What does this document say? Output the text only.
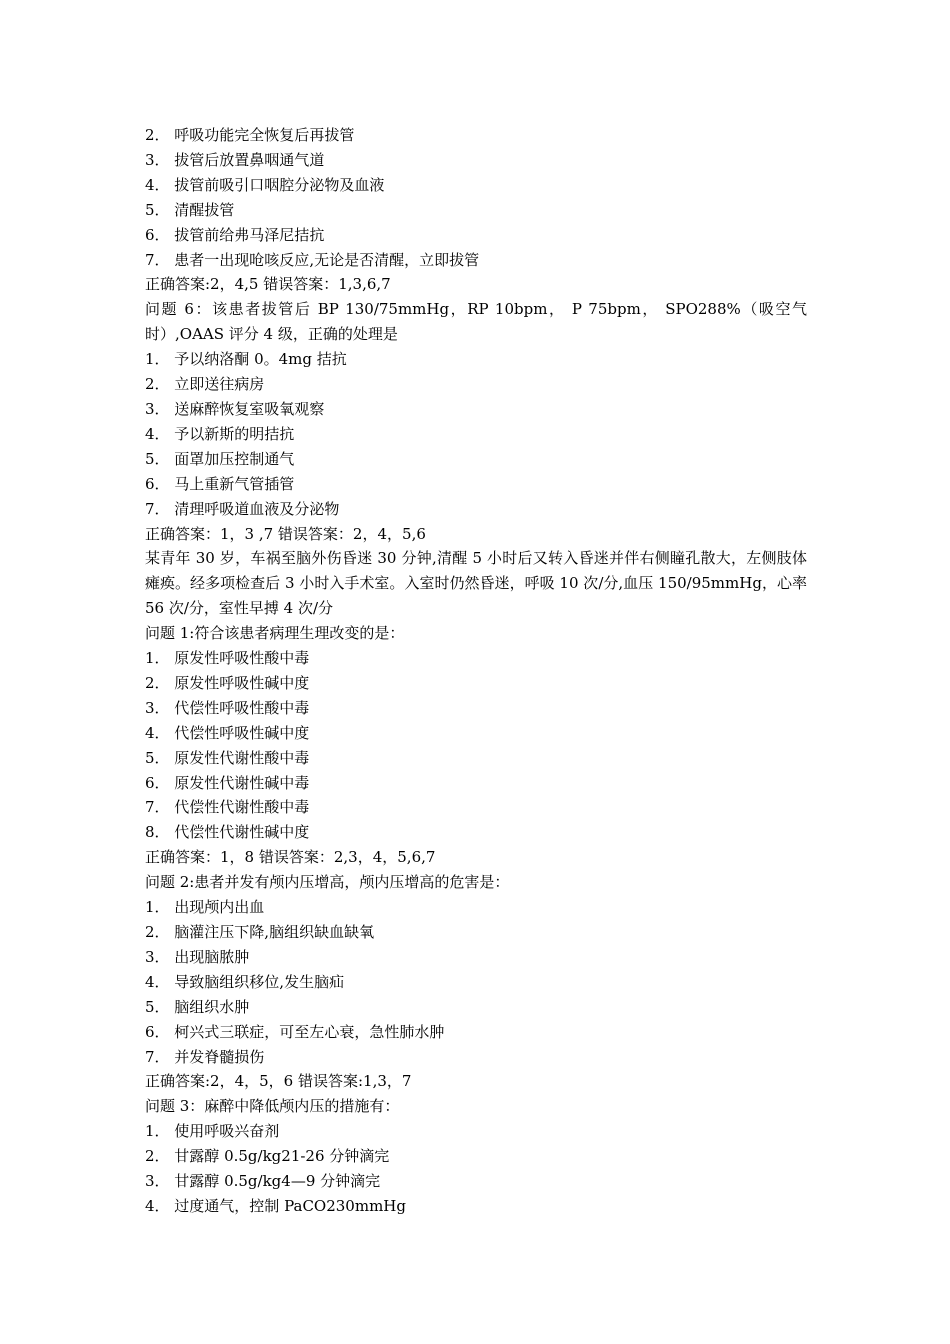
2． 呼吸功能完全恢复后再拔管
3． 拔管后放置鼻咽通气道
4． 拔管前吸引口咽腔分泌物及血液
5． 清醒拔管
6． 拔管前给弗马泽尼拮抗
7． 患者一出现呛咳反应,无论是否清醒，立即拔管
正确答案:2，4,5 错误答案：1,3,6,7
问题 6：该患者拔管后 BP 130/75mmHg，RP 10bpm， P 75bpm， SPO288%（吸空气时）,OAAS 评分 4 级，正确的处理是
1． 予以纳洛酮 0。4mg 拮抗
2． 立即送往病房
3． 送麻醉恢复室吸氧观察
4． 予以新斯的明拮抗
5． 面罩加压控制通气
6． 马上重新气管插管
7． 清理呼吸道血液及分泌物
正确答案：1，3 ,7 错误答案：2，4，5,6
某青年 30 岁，车祸至脑外伤昏迷 30 分钟,清醒 5 小时后又转入昏迷并伴右侧瞳孔散大，左侧肢体瘫痪。经多项检查后 3 小时入手术室。入室时仍然昏迷，呼吸 10 次/分,血压 150/95mmHg，心率 56 次/分，室性早搏 4 次/分
问题 1:符合该患者病理生理改变的是：
1． 原发性呼吸性酸中毒
2． 原发性呼吸性碱中度
3． 代偿性呼吸性酸中毒
4． 代偿性呼吸性碱中度
5． 原发性代谢性酸中毒
6． 原发性代谢性碱中毒
7． 代偿性代谢性酸中毒
8． 代偿性代谢性碱中度
正确答案：1，8 错误答案：2,3，4，5,6,7
问题 2:患者并发有颅内压增高，颅内压增高的危害是：
1． 出现颅内出血
2． 脑灌注压下降,脑组织缺血缺氧
3． 出现脑脓肿
4． 导致脑组织移位,发生脑疝
5． 脑组织水肿
6． 柯兴式三联症，可至左心衰，急性肺水肿
7． 并发脊髓损伤
正确答案:2，4，5，6 错误答案:1,3，7
问题 3：麻醉中降低颅内压的措施有：
1． 使用呼吸兴奋剂
2． 甘露醇 0.5g/kg21-26 分钟滴完
3． 甘露醇 0.5g/kg4—9 分钟滴完
4． 过度通气，控制 PaCO230mmHg
